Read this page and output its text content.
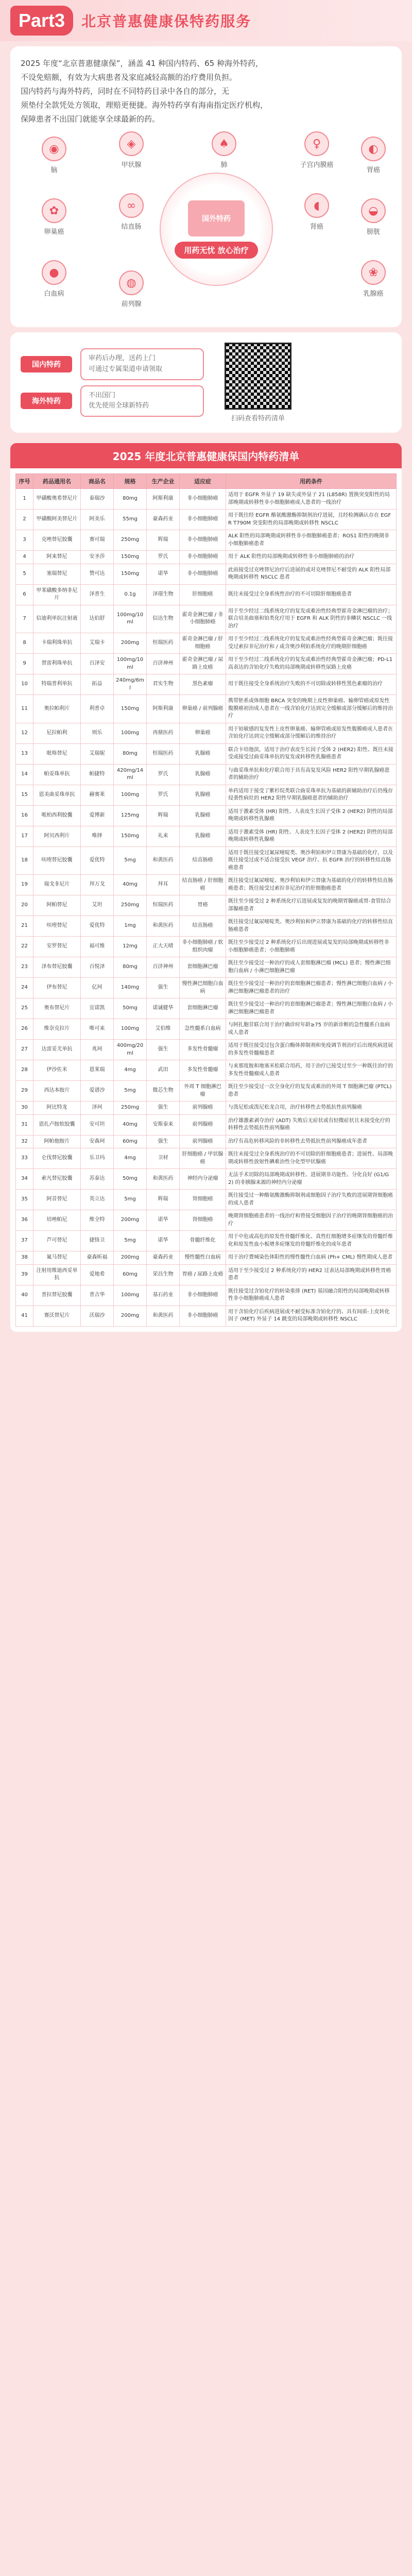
Part3	北京普惠健康保特药服务
2025 年度“北京普惠健康保”，涵盖 41 种国内特药、65 种海外特药，
不设免赔额，有效为大病患者及家庭减轻高额的治疗费用负担。
国内特药与海外特药，同时在不同特药目录中各自的部分，无
须垫付全款凭处方领取，理赔更便捷。海外特药享有海南指定医疗机构，
保障患者不出国门就能享全球最新的药。
◉
脑
◈
甲状腺
♠
肺
♀
子宫内膜癌
◐
胃癌
✿
卵巢癌
∞
结直肠
◖
肾癌
◒
膀胱
●
白血病
❀
乳腺癌
◍
前列腺
国外特药
用药无忧 放心治疗
国内特药
审药后办理，送药上门
可通过专属渠道申请领取
海外特药
不出国门
优先使用全球新特药
扫码查看特药清单
2025 年度北京普惠健康保国内特药清单
序号	药品通用名	商品名	规格	生产企业	适应症	用药条件
1	甲磺酸奥希替尼片	泰瑞沙	80mg	阿斯利康	非小细胞肺癌	适用于 EGFR 外显子 19 缺失或外显子 21 (L858R) 置换突变阳性的局部晚期或转移性非小细胞肺癌成人患者的一线治疗
2	甲磺酸阿美替尼片	阿美乐	55mg	豪森药业	非小细胞肺癌	用于既往经 EGFR 酪氨酸激酶抑制剂治疗进展，且经检测确认存在 EGFR T790M 突变阳性的局部晚期或转移性 NSCLC
3	克唑替尼胶囊	赛可瑞	250mg	辉瑞	非小细胞肺癌	ALK 阳性的局部晚期或转移性非小细胞肺癌患者；ROS1 阳性的晚期非小细胞肺癌患者
4	阿来替尼	安圣莎	150mg	罗氏	非小细胞肺癌	用于 ALK 阳性的局部晚期或转移性非小细胞肺癌的治疗
5	塞瑞替尼	赞可达	150mg	诺华	非小细胞肺癌	此前接受过克唑替尼治疗后进展的或对克唑替尼不耐受的 ALK 阳性局部晚期或转移性 NSCLC 患者
6	甲苯磺酸多纳非尼片	泽普生	0.1g	泽璟生物	肝细胞癌	既往未接受过全身系统性治疗的不可切除肝细胞癌患者
7	信迪利单抗注射液	达伯舒	100mg/10ml	信达生物	霍奇金淋巴瘤 / 非小细胞肺癌	用于至少经过二线系统化疗的复发或难治性经典型霍奇金淋巴瘤的治疗；联合培美曲塞和铂类化疗用于 EGFR 和 ALK 阴性的非鳞状 NSCLC 一线治疗
8	卡瑞利珠单抗	艾瑞卡	200mg	恒瑞医药	霍奇金淋巴瘤 / 肝细胞癌	用于至少经过二线系统化疗的复发或难治性经典型霍奇金淋巴瘤；既往接受过索拉非尼治疗和 / 或含奥沙利铂系统化疗的晚期肝细胞癌
9	替雷利珠单抗	百泽安	100mg/10ml	百济神州	霍奇金淋巴瘤 / 尿路上皮癌	用于至少经过二线系统化疗的复发或难治性经典型霍奇金淋巴瘤；PD-L1 高表达的含铂化疗失败的局部晚期或转移性尿路上皮癌
10	特瑞普利单抗	拓益	240mg/6ml	君实生物	黑色素瘤	用于既往接受全身系统治疗失败的不可切除或转移性黑色素瘤的治疗
11	奥拉帕利片	利普卓	150mg	阿斯利康	卵巢癌 / 前列腺癌	携带胚系或体细胞 BRCA 突变的晚期上皮性卵巢癌、输卵管癌或原发性腹膜癌初治成人患者在一线含铂化疗达到完全缓解或部分缓解后的维持治疗
12	尼拉帕利	则乐	100mg	再鼎医药	卵巢癌	用于铂敏感的复发性上皮性卵巢癌、输卵管癌或原发性腹膜癌成人患者在含铂化疗达到完全缓解或部分缓解后的维持治疗
13	吡咯替尼	艾瑞妮	80mg	恒瑞医药	乳腺癌	联合卡培他滨，适用于治疗表皮生长因子受体 2 (HER2) 阳性、既往未接受或接受过曲妥珠单抗的复发或转移性乳腺癌患者
14	帕妥珠单抗	帕捷特	420mg/14ml	罗氏	乳腺癌	与曲妥珠单抗和化疗联合用于具有高复发风险 HER2 阳性早期乳腺癌患者的辅助治疗
15	恩美曲妥珠单抗	赫赛莱	100mg	罗氏	乳腺癌	单药适用于接受了紫杉烷类联合曲妥珠单抗为基础的新辅助治疗后仍残存侵袭性病灶的 HER2 阳性早期乳腺癌患者的辅助治疗
16	哌柏西利胶囊	爱博新	125mg	辉瑞	乳腺癌	适用于激素受体 (HR) 阳性、人表皮生长因子受体 2 (HER2) 阴性的局部晚期或转移性乳腺癌
17	阿贝西利片	唯择	150mg	礼来	乳腺癌	适用于激素受体 (HR) 阳性、人表皮生长因子受体 2 (HER2) 阴性的局部晚期或转移性乳腺癌
18	呋喹替尼胶囊	爱优特	5mg	和黄医药	结直肠癌	适用于既往接受过氟尿嘧啶类、奥沙利铂和伊立替康为基础的化疗，以及既往接受过或不适合接受抗 VEGF 治疗、抗 EGFR 治疗的转移性结直肠癌患者
19	瑞戈非尼片	拜万戈	40mg	拜耳	结直肠癌 / 肝细胞癌	既往接受过氟尿嘧啶、奥沙利铂和伊立替康为基础的化疗的转移性结直肠癌患者；既往接受过索拉非尼治疗的肝细胞癌患者
20	阿帕替尼	艾坦	250mg	恒瑞医药	胃癌	既往至少接受过 2 种系统化疗后进展或复发的晚期胃腺癌或胃-食管结合部腺癌患者
21	呋喹替尼	爱优特	1mg	和黄医药	结直肠癌	既往接受过氟尿嘧啶类、奥沙利铂和伊立替康为基础的化疗的转移性结直肠癌患者
22	安罗替尼	福可维	12mg	正大天晴	非小细胞肺癌 / 软组织肉瘤	既往至少接受过 2 种系统化疗后出现进展或复发的局部晚期或转移性非小细胞肺癌患者；小细胞肺癌
23	泽布替尼胶囊	百悦泽	80mg	百济神州	套细胞淋巴瘤	既往至少接受过一种治疗的成人套细胞淋巴瘤 (MCL) 患者；慢性淋巴细胞白血病 / 小淋巴细胞淋巴瘤
24	伊布替尼	亿珂	140mg	强生	慢性淋巴细胞白血病	既往至少接受过一种治疗的套细胞淋巴瘤患者；慢性淋巴细胞白血病 / 小淋巴细胞淋巴瘤患者的治疗
25	奥布替尼片	宜诺凯	50mg	诺诚健华	套细胞淋巴瘤	既往至少接受过一种治疗的套细胞淋巴瘤患者；慢性淋巴细胞白血病 / 小淋巴细胞淋巴瘤患者
26	维奈克拉片	唯可来	100mg	艾伯维	急性髓系白血病	与阿扎胞苷联合用于治疗确诊时年龄≥75 岁的新诊断的急性髓系白血病成人患者
27	达雷妥尤单抗	兆珂	400mg/20ml	强生	多发性骨髓瘤	适用于既往接受过包含蛋白酶体抑制剂和免疫调节剂治疗后出现疾病进展的多发性骨髓瘤患者
28	伊沙佐米	恩莱瑞	4mg	武田	多发性骨髓瘤	与来那度胺和地塞米松联合用药，用于治疗已接受过至少一种既往治疗的多发性骨髓瘤成人患者
29	西达本胺片	爱谱沙	5mg	微芯生物	外周 T 细胞淋巴瘤	既往至少接受过一次全身化疗的复发或难治的外周 T 细胞淋巴瘤 (PTCL) 患者
30	阿比特龙	泽珂	250mg	强生	前列腺癌	与泼尼松或泼尼松龙合用，治疗转移性去势抵抗性前列腺癌
31	恩扎卢胺软胶囊	安可坦	40mg	安斯泰来	前列腺癌	治疗雄激素剥夺治疗 (ADT) 失败后无症状或有轻微症状且未接受化疗的转移性去势抵抗性前列腺癌
32	阿帕他胺片	安森珂	60mg	强生	前列腺癌	治疗有高危转移风险的非转移性去势抵抗性前列腺癌成年患者
33	仑伐替尼胶囊	乐卫玛	4mg	卫材	肝细胞癌 / 甲状腺癌	既往未接受过全身系统治疗的不可切除的肝细胞癌患者；进展性、局部晚期或转移性放射性碘难治性分化型甲状腺癌
34	索凡替尼胶囊	苏泰达	50mg	和黄医药	神经内分泌瘤	无法手术切除的局部晚期或转移性、进展期非功能性、分化良好 (G1/G2) 的非胰腺来源的神经内分泌瘤
35	阿昔替尼	英立达	5mg	辉瑞	肾细胞癌	既往接受过一种酪氨酸激酶抑制剂或细胞因子治疗失败的进展期肾细胞癌的成人患者
36	培唑帕尼	维全特	200mg	诺华	肾细胞癌	晚期肾细胞癌患者的一线治疗和曾接受细胞因子治疗的晚期肾细胞癌的治疗
37	芦可替尼	捷恪卫	5mg	诺华	骨髓纤维化	用于中危或高危的原发性骨髓纤维化、真性红细胞增多症继发的骨髓纤维化和原发性血小板增多症继发的骨髓纤维化的成年患者
38	氟马替尼	豪森昕福	200mg	豪森药业	慢性髓性白血病	用于治疗费城染色体阳性的慢性髓性白血病 (Ph+ CML) 慢性期成人患者
39	注射用维迪西妥单抗	爱地希	60mg	荣昌生物	胃癌 / 尿路上皮癌	适用于至少接受过 2 种系统化疗的 HER2 过表达局部晚期或转移性胃癌患者
40	普拉替尼胶囊	普吉华	100mg	基石药业	非小细胞肺癌	既往接受过含铂化疗的转染重排 (RET) 基因融合阳性的局部晚期或转移性非小细胞肺癌成人患者
41	赛沃替尼片	沃瑞沙	200mg	和黄医药	非小细胞肺癌	用于含铂化疗后疾病进展或不耐受标准含铂化疗的、具有间质-上皮转化因子 (MET) 外显子 14 跳变的局部晚期或转移性 NSCLC
